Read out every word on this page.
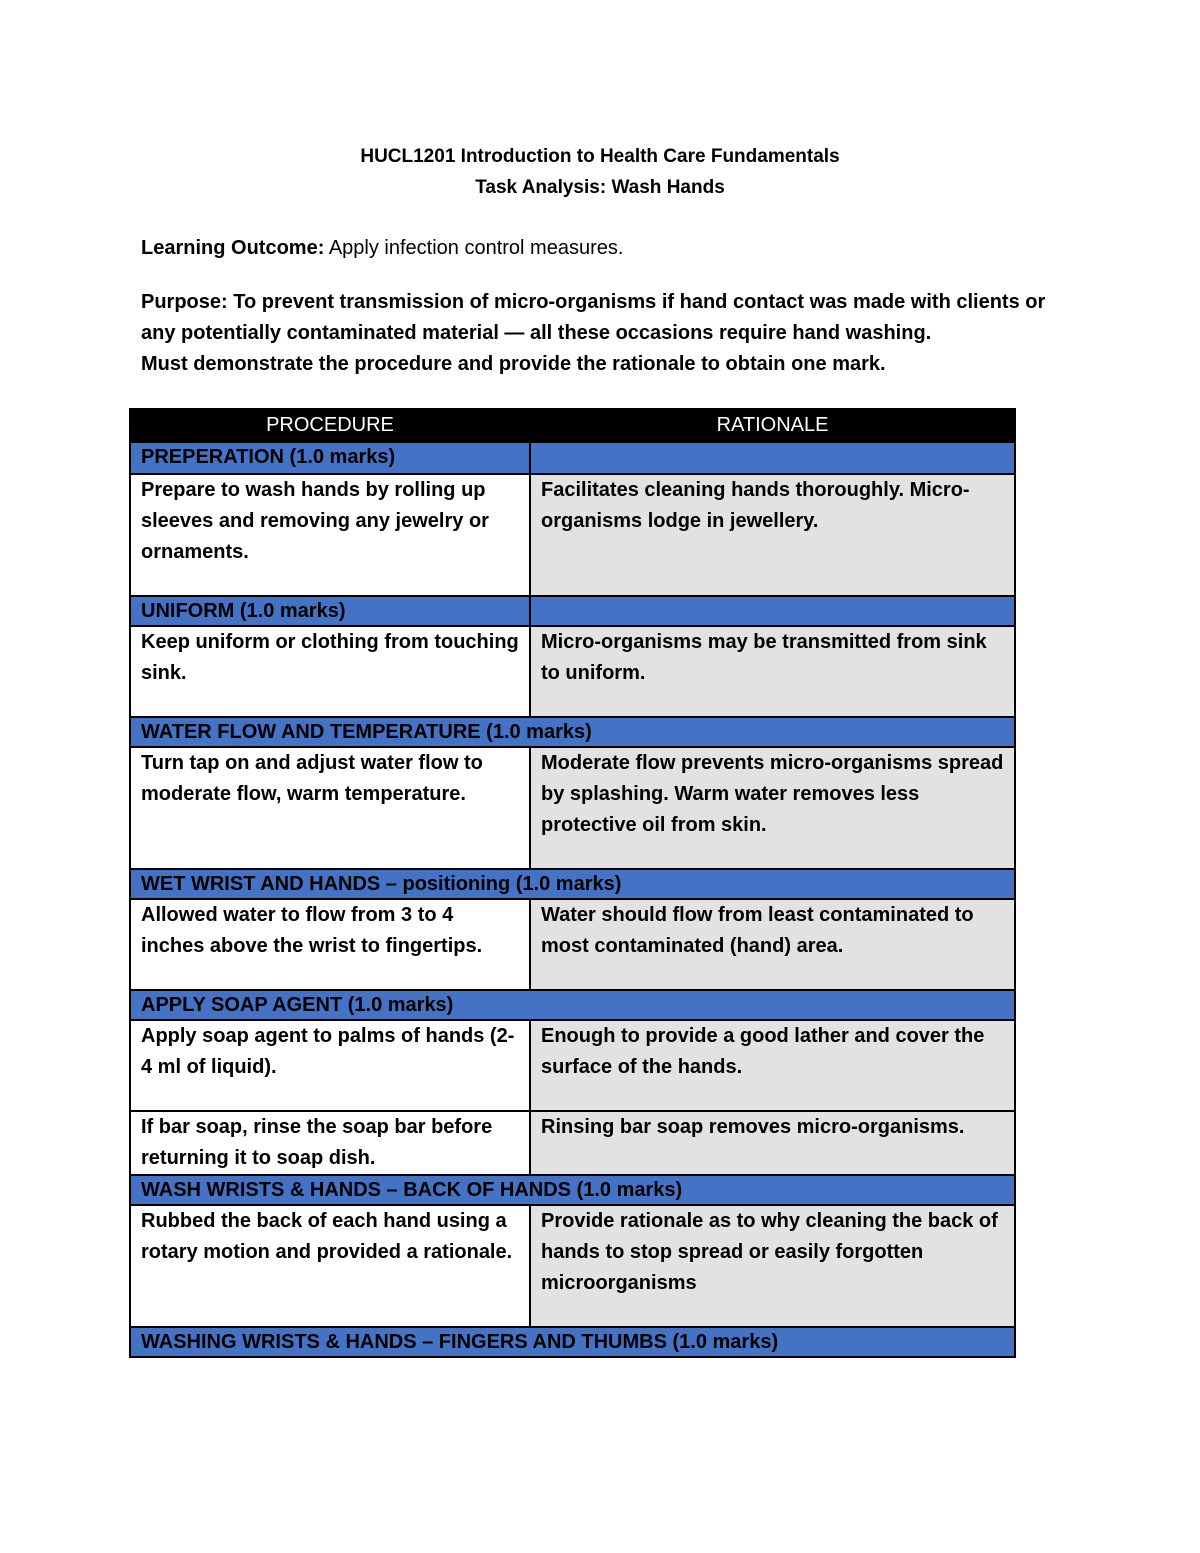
HUCL1201 Introduction to Health Care Fundamentals
Task Analysis: Wash Hands
Learning Outcome: Apply infection control measures.
Purpose: To prevent transmission of micro-organisms if hand contact was made with clients or any potentially contaminated material — all these occasions require hand washing.
Must demonstrate the procedure and provide the rationale to obtain one mark.
PROCEDURE	RATIONALE
PREPERATION (1.0 marks)	
Prepare to wash hands by rolling up sleeves and removing any jewelry or ornaments.	Facilitates cleaning hands thoroughly. Micro-organisms lodge in jewellery.
UNIFORM (1.0 marks)	
Keep uniform or clothing from touching sink.	Micro-organisms may be transmitted from sink to uniform.
WATER FLOW AND TEMPERATURE (1.0 marks)	
Turn tap on and adjust water flow to moderate flow, warm temperature.	Moderate flow prevents micro-organisms spread by splashing. Warm water removes less protective oil from skin.
WET WRIST AND HANDS – positioning (1.0 marks)	
Allowed water to flow from 3 to 4 inches above the wrist to fingertips.	Water should flow from least contaminated to most contaminated (hand) area.
APPLY SOAP AGENT (1.0 marks)	
Apply soap agent to palms of hands (2-4 ml of liquid).	Enough to provide a good lather and cover the surface of the hands.
If bar soap, rinse the soap bar before returning it to soap dish.	Rinsing bar soap removes micro-organisms.
WASH WRISTS & HANDS – BACK OF HANDS (1.0 marks)	
Rubbed the back of each hand using a rotary motion and provided a rationale.	Provide rationale as to why cleaning the back of hands to stop spread or easily forgotten microorganisms
WASHING WRISTS & HANDS – FINGERS AND THUMBS (1.0 marks)	
